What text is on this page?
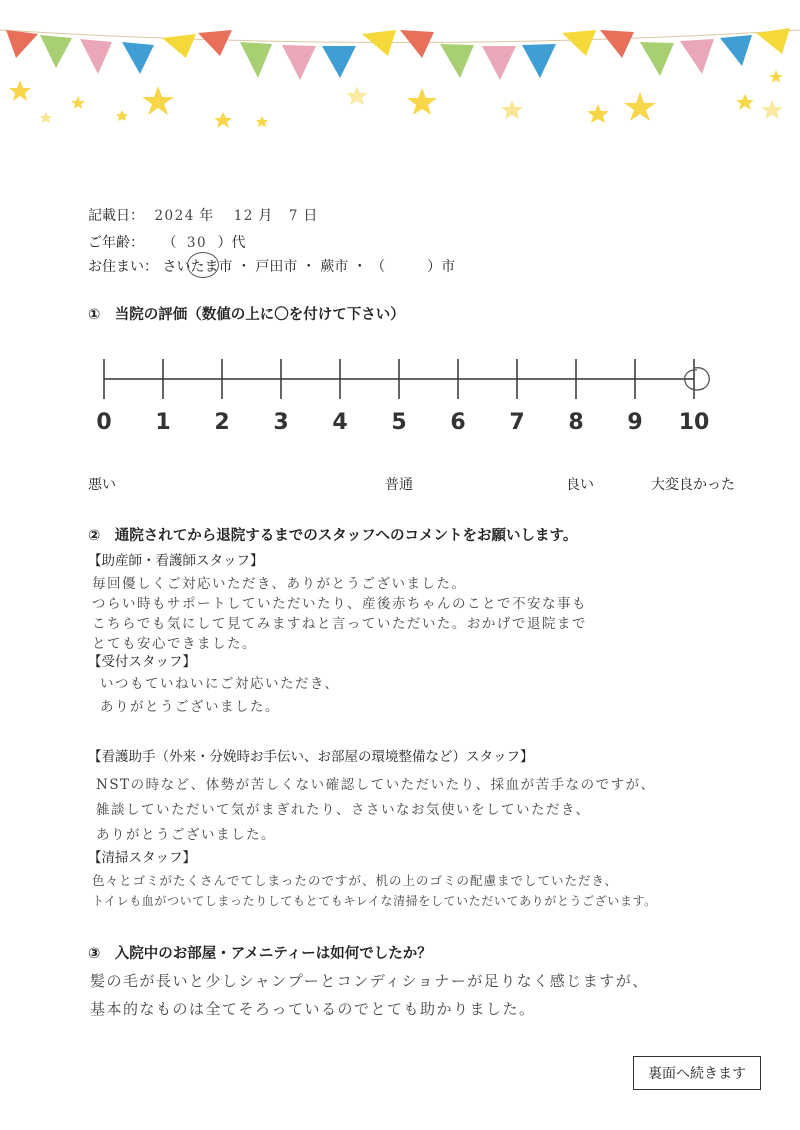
記載日： 2024 年 12 月 7 日
ご年齢： （ 30 ）代
お住まい： さいたま市 ・ 戸田市 ・ 蕨市 ・ （　　　）市
①　当院の評価（数値の上に〇を付けて下さい）
0	1	2	3	4	5	6	7	8	9	10
悪い	普通	良い	大変良かった
②　通院されてから退院するまでのスタッフへのコメントをお願いします。
【助産師・看護師スタッフ】
毎回優しくご対応いただき、ありがとうございました。
つらい時もサポートしていただいたり、産後赤ちゃんのことで不安な事も
こちらでも気にして見てみますねと言っていただいた。おかげで退院まで
とても安心できました。
【受付スタッフ】
いつもていねいにご対応いただき、
ありがとうございました。
【看護助手（外来・分娩時お手伝い、お部屋の環境整備など）スタッフ】
NSTの時など、体勢が苦しくない確認していただいたり、採血が苦手なのですが、
雑談していただいて気がまぎれたり、ささいなお気使いをしていただき、
ありがとうございました。
【清掃スタッフ】
色々とゴミがたくさんでてしまったのですが、机の上のゴミの配慮までしていただき、
トイレも血がついてしまったりしてもとてもキレイな清掃をしていただいてありがとうございます。
③　入院中のお部屋・アメニティーは如何でしたか？
髪の毛が長いと少しシャンプーとコンディショナーが足りなく感じますが、
基本的なものは全てそろっているのでとても助かりました。
裏面へ続きます
